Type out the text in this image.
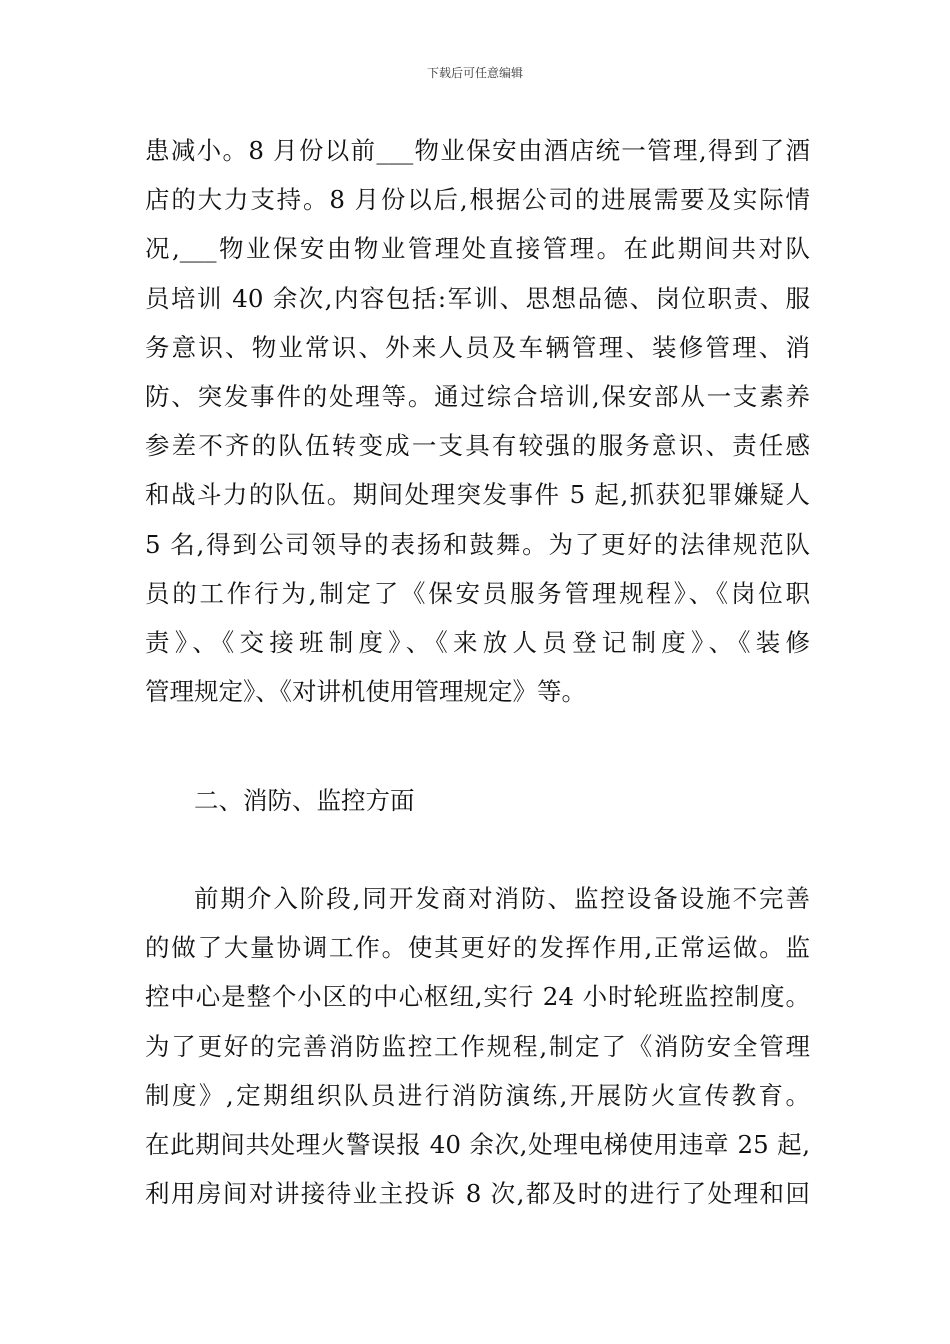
下载后可任意编辑
患减小。8 月份以前___物业保安由酒店统一管理,得到了酒
店的大力支持。8 月份以后,根据公司的进展需要及实际情
况,___物业保安由物业管理处直接管理。在此期间共对队
员培训 40 余次,内容包括:军训、思想品德、岗位职责、服
务意识、物业常识、外来人员及车辆管理、装修管理、消
防、突发事件的处理等。通过综合培训,保安部从一支素养
参差不齐的队伍转变成一支具有较强的服务意识、责任感
和战斗力的队伍。期间处理突发事件 5 起,抓获犯罪嫌疑人
5 名,得到公司领导的表扬和鼓舞。为了更好的法律规范队
员的工作行为,制定了《保安员服务管理规程》、《岗位职
责》、《交接班制度》、《来放人员登记制度》、《装修
管理规定》、《对讲机使用管理规定》等。
二、消防、监控方面
前期介入阶段,同开发商对消防、监控设备设施不完善
的做了大量协调工作。使其更好的发挥作用,正常运做。监
控中心是整个小区的中心枢纽,实行 24 小时轮班监控制度。
为了更好的完善消防监控工作规程,制定了《消防安全管理
制度》,定期组织队员进行消防演练,开展防火宣传教育。
在此期间共处理火警误报 40 余次,处理电梯使用违章 25 起,
利用房间对讲接待业主投诉 8 次,都及时的进行了处理和回
